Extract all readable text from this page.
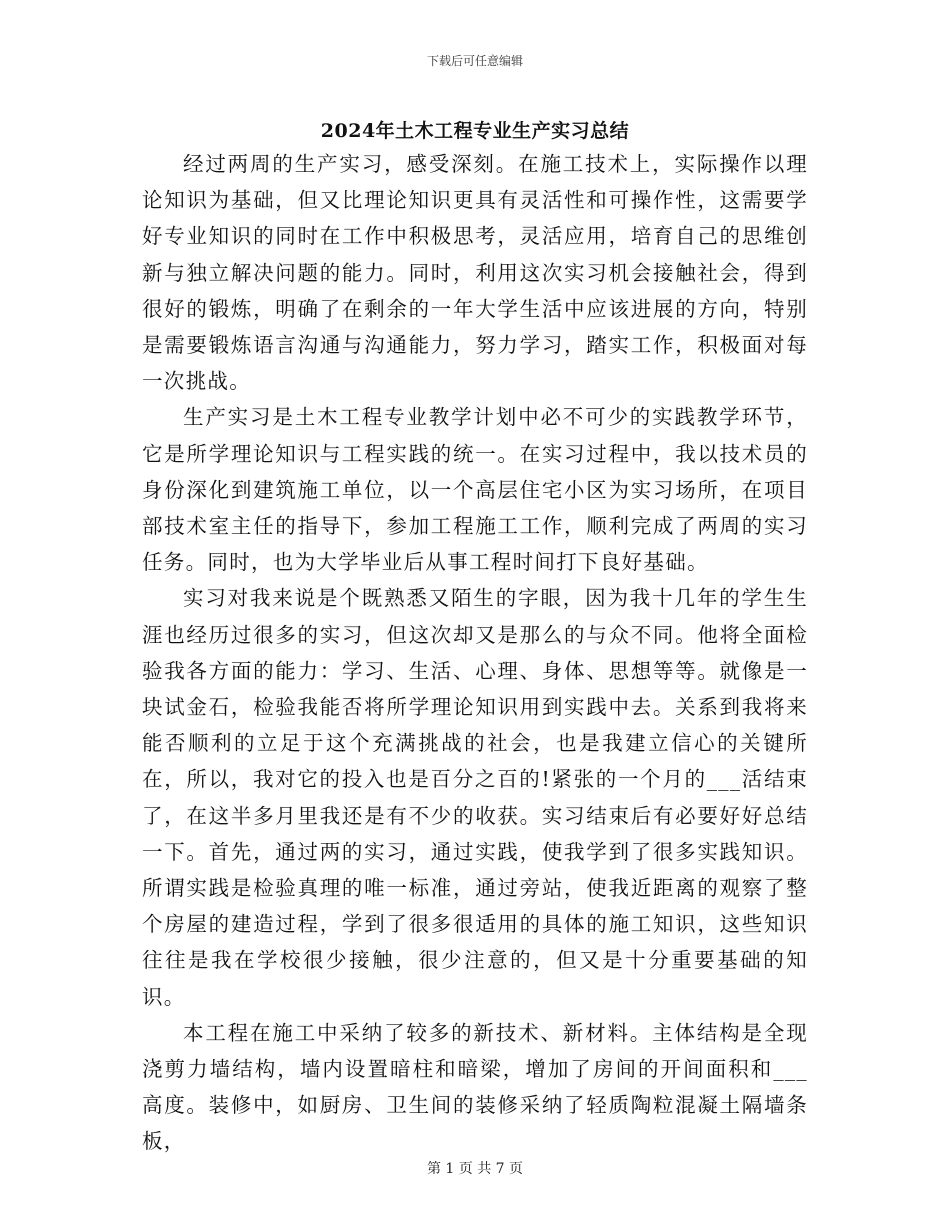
下载后可任意编辑
2024年土木工程专业生产实习总结

经过两周的生产实习，感受深刻。在施工技术上，实际操作以理论知识为基础，但又比理论知识更具有灵活性和可操作性，这需要学好专业知识的同时在工作中积极思考，灵活应用，培育自己的思维创新与独立解决问题的能力。同时，利用这次实习机会接触社会，得到很好的锻炼，明确了在剩余的一年大学生活中应该进展的方向，特别是需要锻炼语言沟通与沟通能力，努力学习，踏实工作，积极面对每一次挑战。

生产实习是土木工程专业教学计划中必不可少的实践教学环节，它是所学理论知识与工程实践的统一。在实习过程中，我以技术员的身份深化到建筑施工单位，以一个高层住宅小区为实习场所，在项目部技术室主任的指导下，参加工程施工工作，顺利完成了两周的实习任务。同时，也为大学毕业后从事工程时间打下良好基础。

实习对我来说是个既熟悉又陌生的字眼，因为我十几年的学生生涯也经历过很多的实习，但这次却又是那么的与众不同。他将全面检验我各方面的能力：学习、生活、心理、身体、思想等等。就像是一块试金石，检验我能否将所学理论知识用到实践中去。关系到我将来能否顺利的立足于这个充满挑战的社会，也是我建立信心的关键所在，所以，我对它的投入也是百分之百的!紧张的一个月的___活结束了，在这半多月里我还是有不少的收获。实习结束后有必要好好总结一下。首先，通过两的实习，通过实践，使我学到了很多实践知识。所谓实践是检验真理的唯一标准，通过旁站，使我近距离的观察了整个房屋的建造过程，学到了很多很适用的具体的施工知识，这些知识往往是我在学校很少接触，很少注意的，但又是十分重要基础的知识。

本工程在施工中采纳了较多的新技术、新材料。主体结构是全现浇剪力墙结构，墙内设置暗柱和暗梁，增加了房间的开间面积和___高度。装修中，如厨房、卫生间的装修采纳了轻质陶粒混凝土隔墙条板，

第 1 页 共 7 页
